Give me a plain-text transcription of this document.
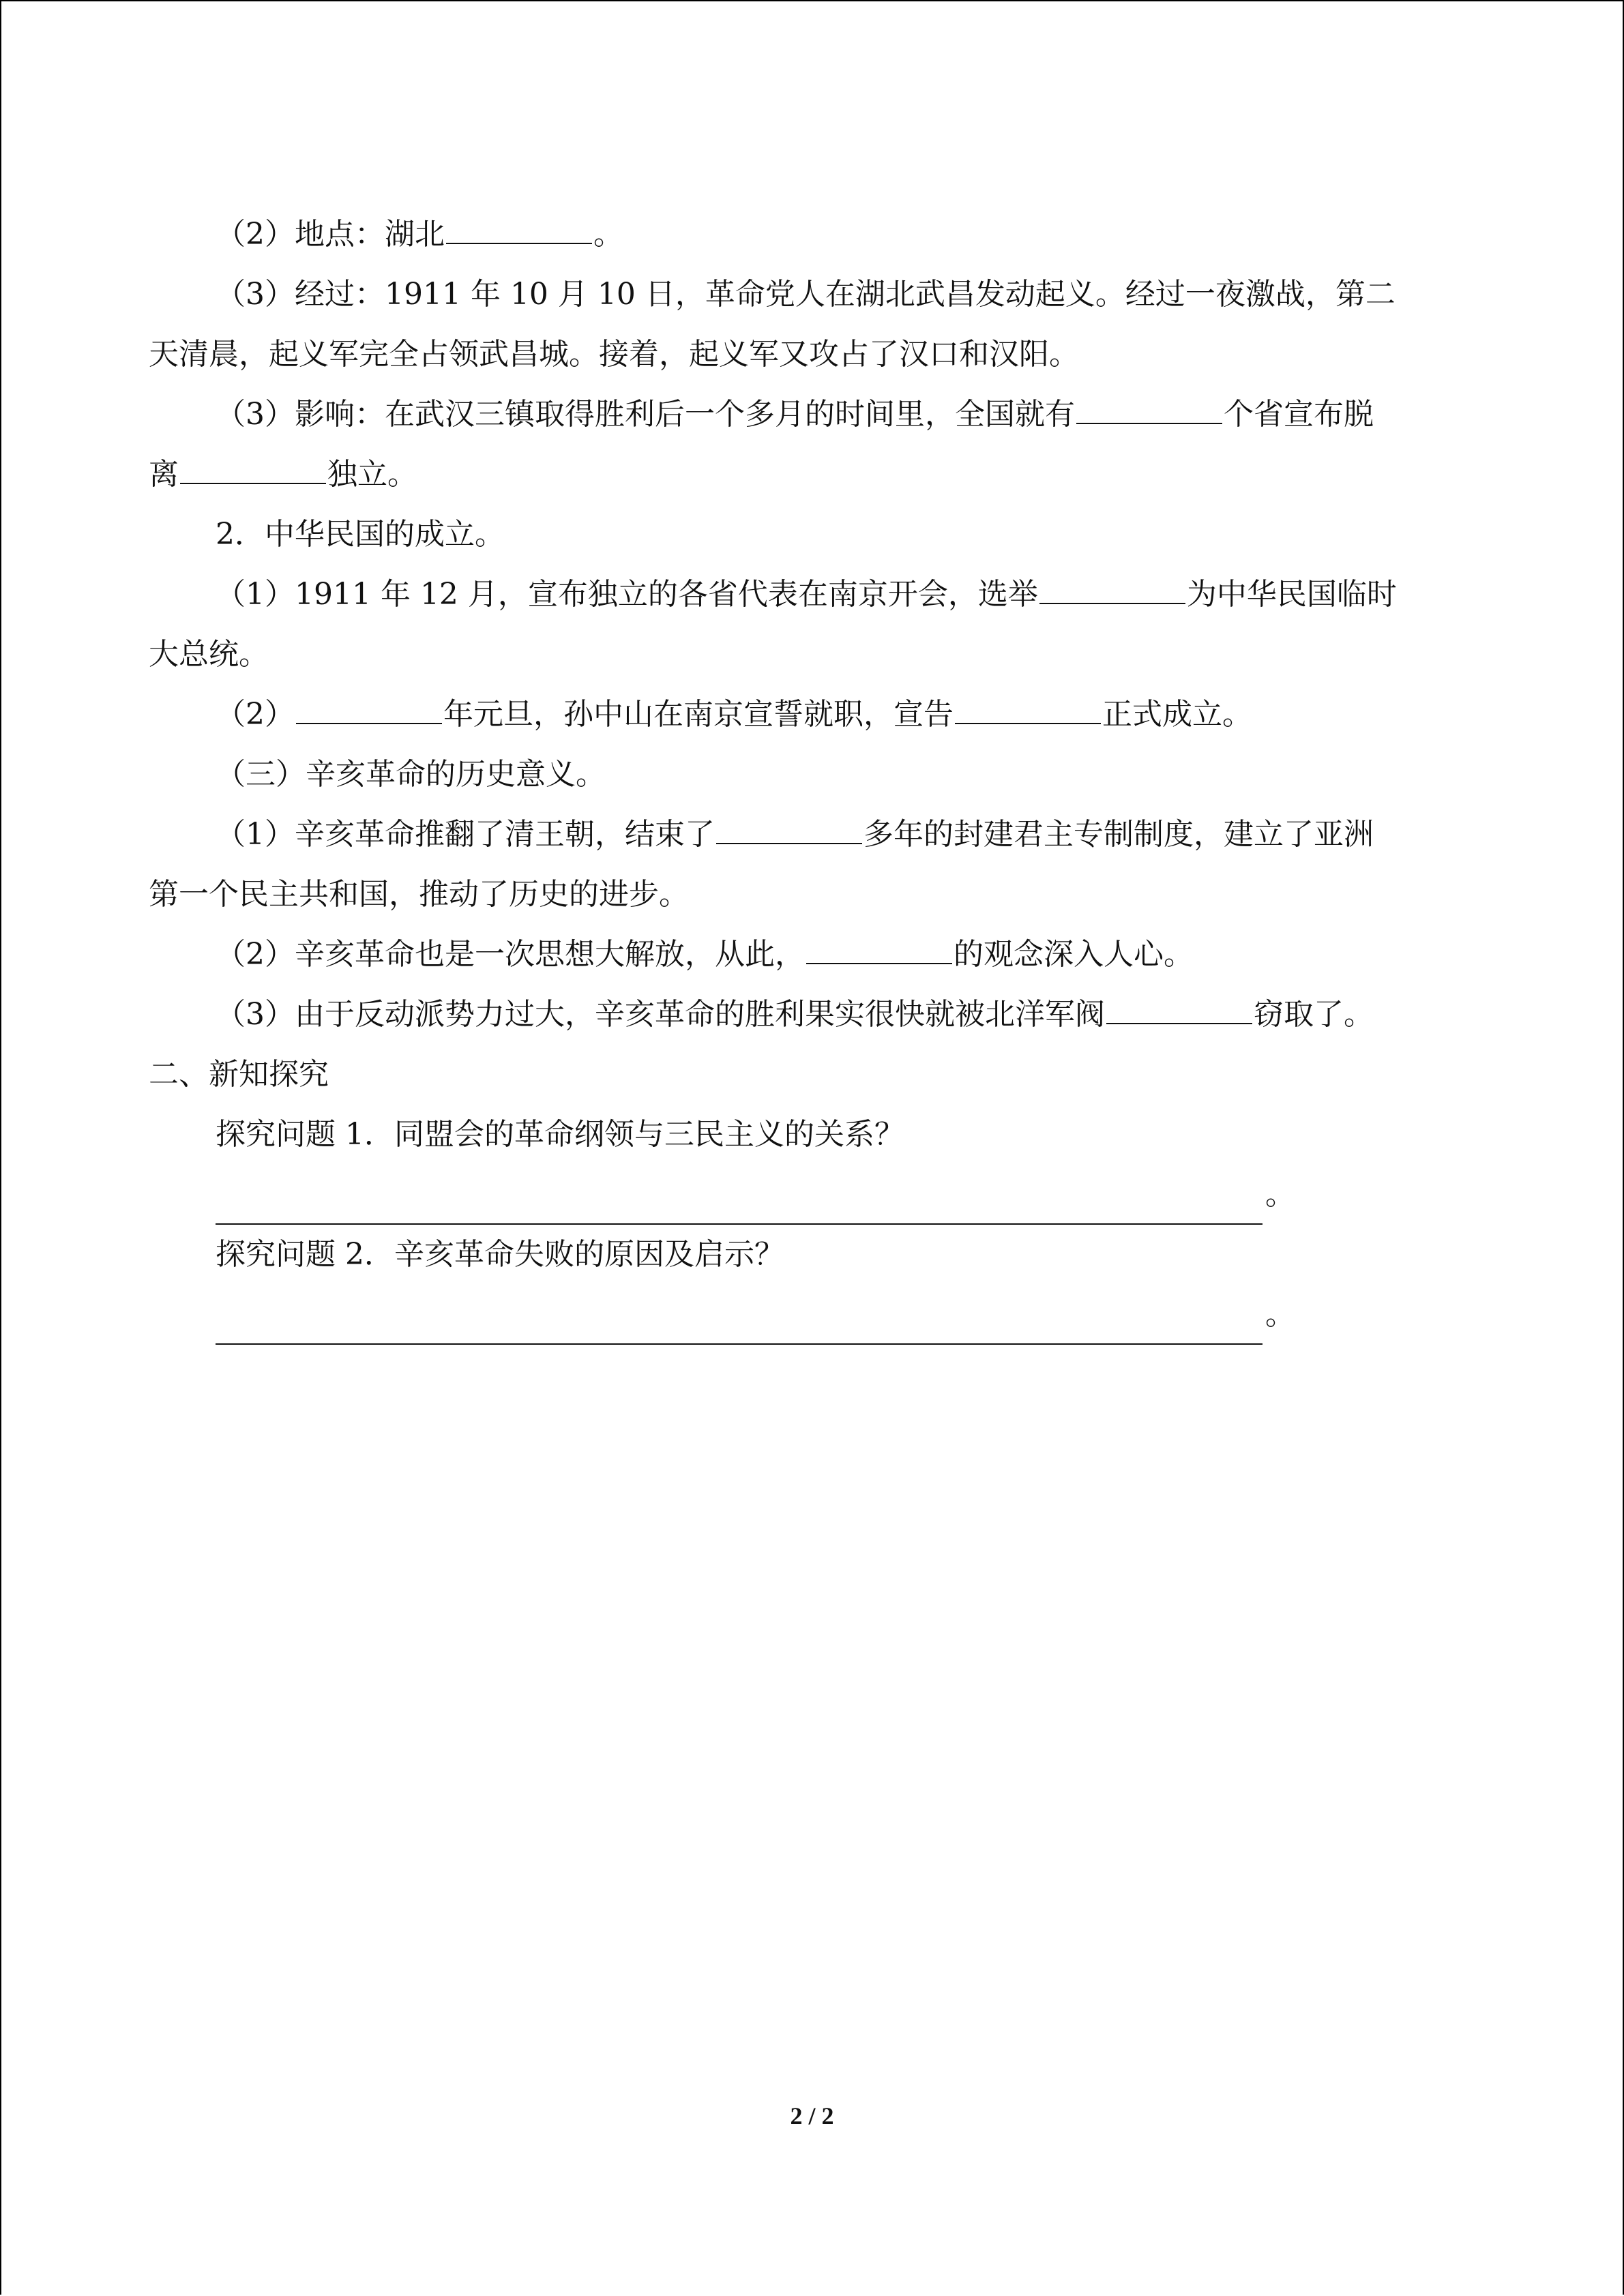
（2）地点：湖北	。

（3）经过：1911 年 10 月 10 日，革命党人在湖北武昌发动起义。经过一夜激战，第二

天清晨，起义军完全占领武昌城。接着，起义军又攻占了汉口和汉阳。

（3）影响：在武汉三镇取得胜利后一个多月的时间里，全国就有	个省宣布脱

离	独立。

2．中华民国的成立。

（1）1911 年 12 月，宣布独立的各省代表在南京开会，选举	为中华民国临时

大总统。

（2）	年元旦，孙中山在南京宣誓就职，宣告	正式成立。

（三）辛亥革命的历史意义。

（1）辛亥革命推翻了清王朝，结束了	多年的封建君主专制制度，建立了亚洲

第一个民主共和国，推动了历史的进步。

（2）辛亥革命也是一次思想大解放，从此，	的观念深入人心。

（3）由于反动派势力过大，辛亥革命的胜利果实很快就被北洋军阀	窃取了。

二、新知探究

探究问题 1．同盟会的革命纲领与三民主义的关系？

。

探究问题 2．辛亥革命失败的原因及启示？

。
2 / 2
